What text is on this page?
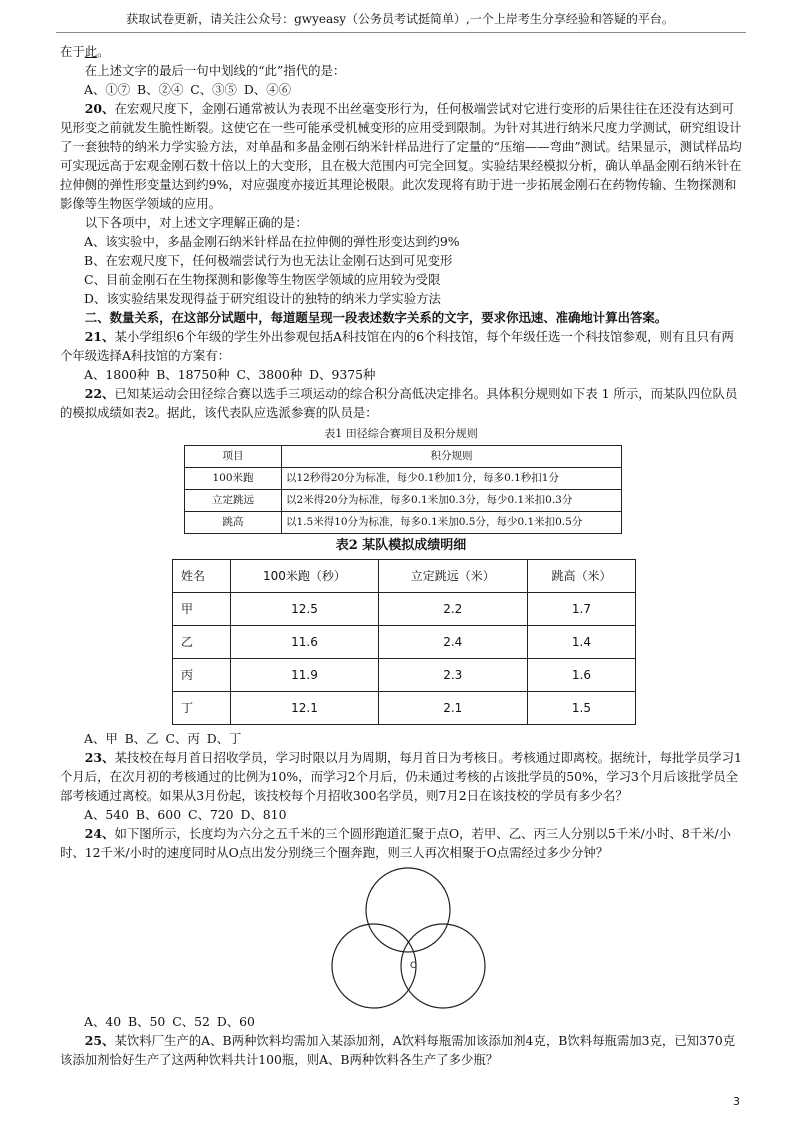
获取试卷更新，请关注公众号：gwyeasy（公务员考试挺简单）,一个上岸考生分享经验和答疑的平台。

在于此。

在上述文字的最后一句中划线的“此”指代的是：

A、①⑦ B、②④ C、③⑤ D、④⑥

20、在宏观尺度下，金刚石通常被认为表现不出丝毫变形行为，任何极端尝试对它进行变形的后果往往在还没有达到可见形变之前就发生脆性断裂。这使它在一些可能承受机械变形的应用受到限制。为针对其进行纳米尺度力学测试，研究组设计了一套独特的纳米力学实验方法，对单晶和多晶金刚石纳米针样品进行了定量的“压缩——弯曲”测试。结果显示，测试样品均可实现远高于宏观金刚石数十倍以上的大变形，且在极大范围内可完全回复。实验结果经模拟分析，确认单晶金刚石纳米针在拉伸侧的弹性形变量达到约9%，对应强度亦接近其理论极限。此次发现将有助于进一步拓展金刚石在药物传输、生物探测和影像等生物医学领域的应用。

以下各项中，对上述文字理解正确的是：

A、该实验中，多晶金刚石纳米针样品在拉伸侧的弹性形变达到约9%

B、在宏观尺度下，任何极端尝试行为也无法让金刚石达到可见变形

C、目前金刚石在生物探测和影像等生物医学领域的应用较为受限

D、该实验结果发现得益于研究组设计的独特的纳米力学实验方法

二、数量关系，在这部分试题中，每道题呈现一段表述数字关系的文字，要求你迅速、准确地计算出答案。

21、某小学组织6个年级的学生外出参观包括A科技馆在内的6个科技馆，每个年级任选一个科技馆参观，则有且只有两个年级选择A科技馆的方案有：

A、1800种 B、18750种 C、3800种 D、9375种

22、已知某运动会田径综合赛以选手三项运动的综合积分高低决定排名。具体积分规则如下表 1 所示，而某队四位队员的模拟成绩如表2。据此，该代表队应选派参赛的队员是：

表1 田径综合赛项目及积分规则
项目	积分规则
100米跑	以12秒得20分为标准，每少0.1秒加1分，每多0.1秒扣1分
立定跳远	以2米得20分为标准，每多0.1米加0.3分，每少0.1米扣0.3分
跳高	以1.5米得10分为标准，每多0.1米加0.5分，每少0.1米扣0.5分
表2 某队模拟成绩明细
姓名	100米跑（秒）	立定跳远（米）	跳高（米）
甲	12.5	2.2	1.7
乙	11.6	2.4	1.4
丙	11.9	2.3	1.6
丁	12.1	2.1	1.5

A、甲 B、乙 C、丙 D、丁

23、某技校在每月首日招收学员，学习时限以月为周期，每月首日为考核日。考核通过即离校。据统计，每批学员学习1个月后，在次月初的考核通过的比例为10%，而学习2个月后，仍未通过考核的占该批学员的50%，学习3个月后该批学员全部考核通过离校。如果从3月份起，该技校每个月招收300名学员，则7月2日在该技校的学员有多少名？

A、540 B、600 C、720 D、810

24、如下图所示，长度均为六分之五千米的三个圆形跑道汇聚于点O，若甲、乙、丙三人分别以5千米/小时、8千米/小时、12千米/小时的速度同时从O点出发分别绕三个圈奔跑，则三人再次相聚于O点需经过多少分钟？

O

A、40 B、50 C、52 D、60

25、某饮料厂生产的A、B两种饮料均需加入某添加剂，A饮料每瓶需加该添加剂4克，B饮料每瓶需加3克，已知370克该添加剂恰好生产了这两种饮料共计100瓶，则A、B两种饮料各生产了多少瓶？

3
